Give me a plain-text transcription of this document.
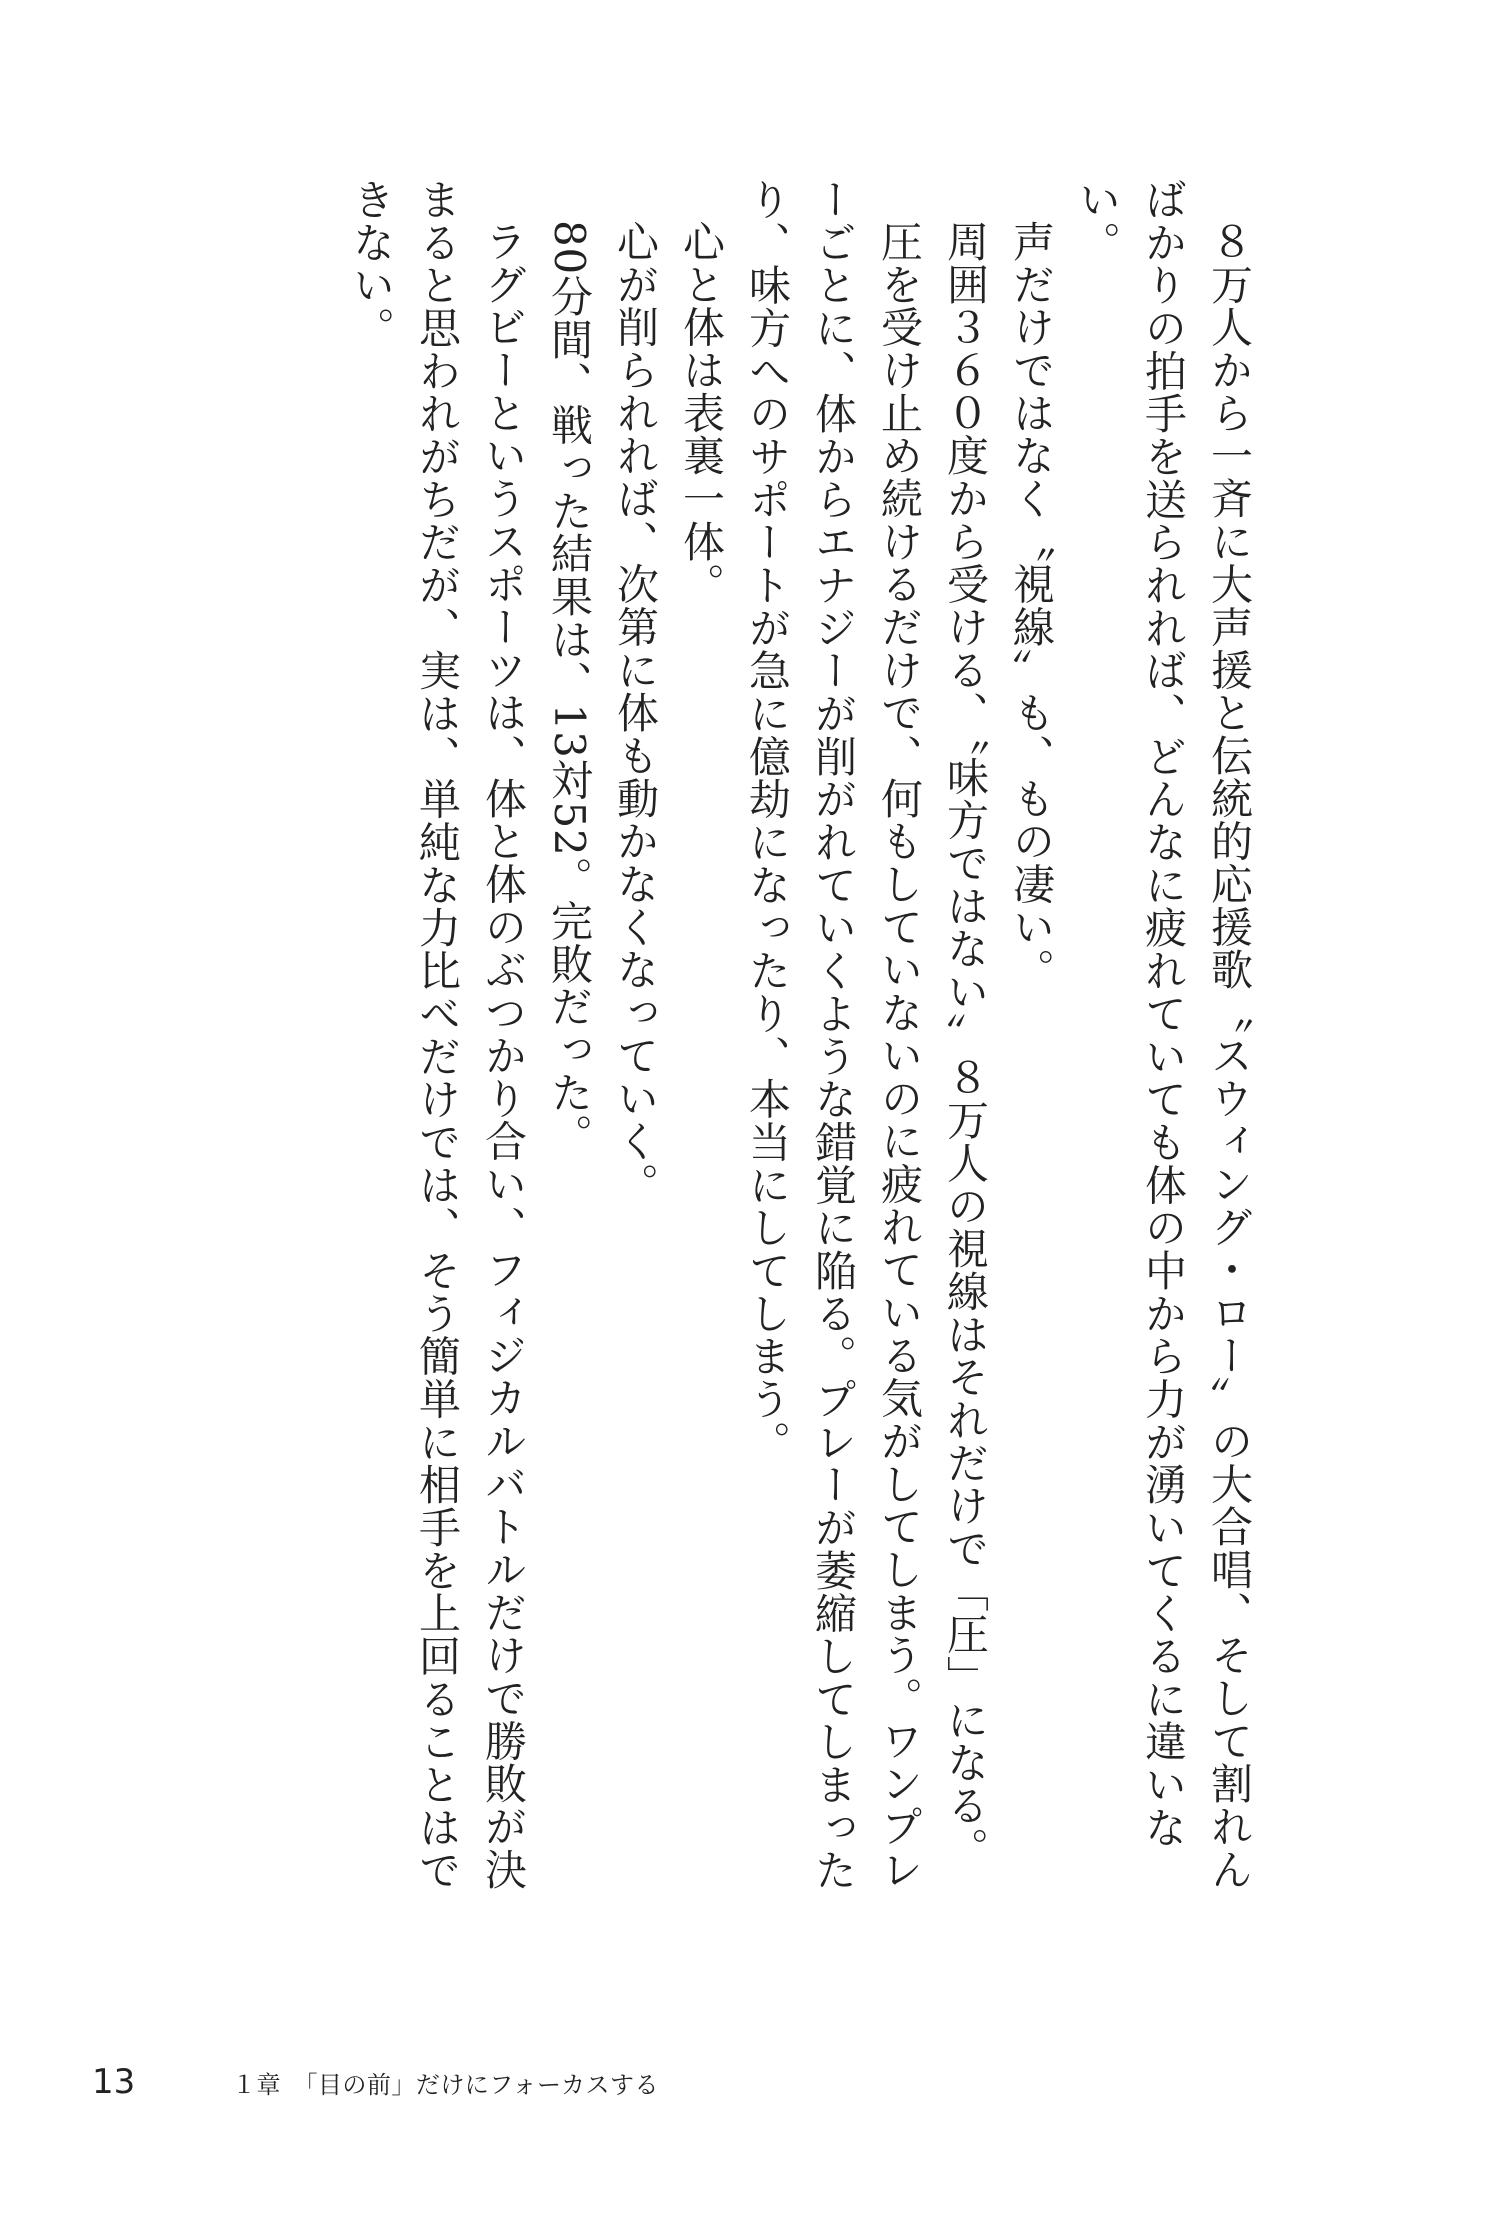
８万人から一斉に大声援と伝統的応援歌〝スウィング・ロー〟の大合唱、そして割れんばかりの拍手を送られれば、どんなに疲れていても体の中から力が湧いてくるに違いない。

声だけではなく〝視線〟も、もの凄い。

周囲３６０度から受ける、〝味方ではない〟８万人の視線はそれだけで「圧」になる。

圧を受け止め続けるだけで、何もしていないのに疲れている気がしてしまう。ワンプレーごとに、体からエナジーが削がれていくような錯覚に陥る。プレーが萎縮してしまったり、味方へのサポートが急に億劫になったり、本当にしてしまう。

心と体は表裏一体。

心が削られれば、次第に体も動かなくなっていく。

80分間、戦った結果は、13対52。完敗だった。

ラグビーというスポーツは、体と体のぶつかり合い、フィジカルバトルだけで勝敗が決まると思われがちだが、実は、単純な力比べだけでは、そう簡単に相手を上回ることはできない。

13	１章　「目の前」だけにフォーカスする
